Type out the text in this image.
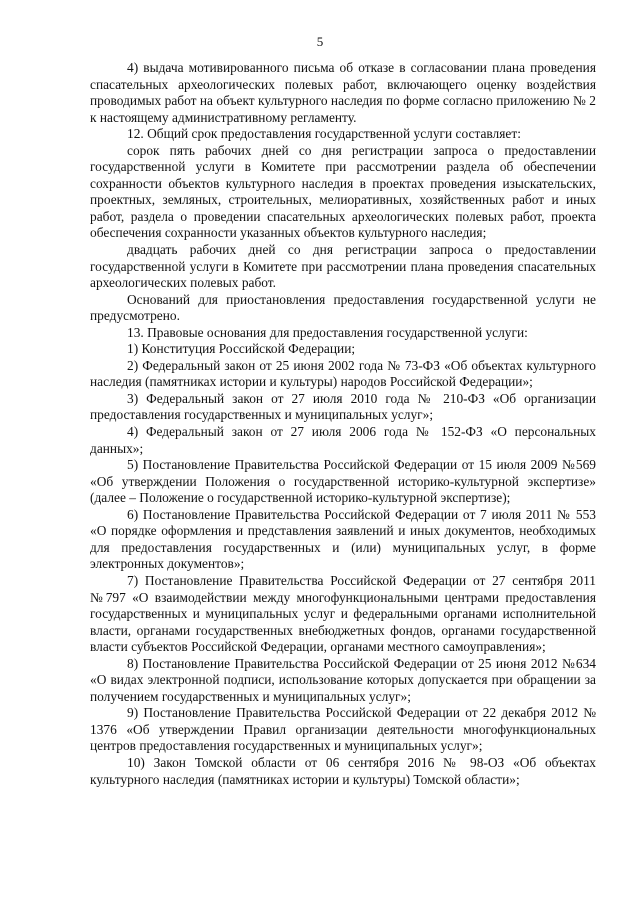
5

4) выдача мотивированного письма об отказе в согласовании плана проведения спасательных археологических полевых работ, включающего оценку воздействия проводимых работ на объект культурного наследия по форме согласно приложению № 2 к настоящему административному регламенту.

12. Общий срок предоставления государственной услуги составляет:

сорок пять рабочих дней со дня регистрации запроса о предоставлении государственной услуги в Комитете при рассмотрении раздела об обеспечении сохранности объектов культурного наследия в проектах проведения изыскательских, проектных, земляных, строительных, мелиоративных, хозяйственных работ и иных работ, раздела о проведении спасательных археологических полевых работ, проекта обеспечения сохранности указанных объектов культурного наследия;

двадцать рабочих дней со дня регистрации запроса о предоставлении государственной услуги в Комитете при рассмотрении плана проведения спасательных археологических полевых работ.

Оснований для приостановления предоставления государственной услуги не предусмотрено.

13. Правовые основания для предоставления государственной услуги:

1) Конституция Российской Федерации;

2) Федеральный закон от 25 июня 2002 года № 73-ФЗ «Об объектах культурного наследия (памятниках истории и культуры) народов Российской Федерации»;

3) Федеральный закон от 27 июля 2010 года № 210-ФЗ «Об организации предоставления государственных и муниципальных услуг»;

4) Федеральный закон от 27 июля 2006 года № 152-ФЗ «О персональных данных»;

5) Постановление Правительства Российской Федерации от 15 июля 2009 №569 «Об утверждении Положения о государственной историко-культурной экспертизе» (далее – Положение о государственной историко-культурной экспертизе);

6) Постановление Правительства Российской Федерации от 7 июля 2011 № 553 «О порядке оформления и представления заявлений и иных документов, необходимых для предоставления государственных и (или) муниципальных услуг, в форме электронных документов»;

7) Постановление Правительства Российской Федерации от 27 сентября 2011 №797 «О взаимодействии между многофункциональными центрами предоставления государственных и муниципальных услуг и федеральными органами исполнительной власти, органами государственных внебюджетных фондов, органами государственной власти субъектов Российской Федерации, органами местного самоуправления»;

8) Постановление Правительства Российской Федерации от 25 июня 2012 №634 «О видах электронной подписи, использование которых допускается при обращении за получением государственных и муниципальных услуг»;

9) Постановление Правительства Российской Федерации от 22 декабря 2012 № 1376 «Об утверждении Правил организации деятельности многофункциональных центров предоставления государственных и муниципальных услуг»;

10) Закон Томской области от 06 сентября 2016 № 98-ОЗ «Об объектах культурного наследия (памятниках истории и культуры) Томской области»;
